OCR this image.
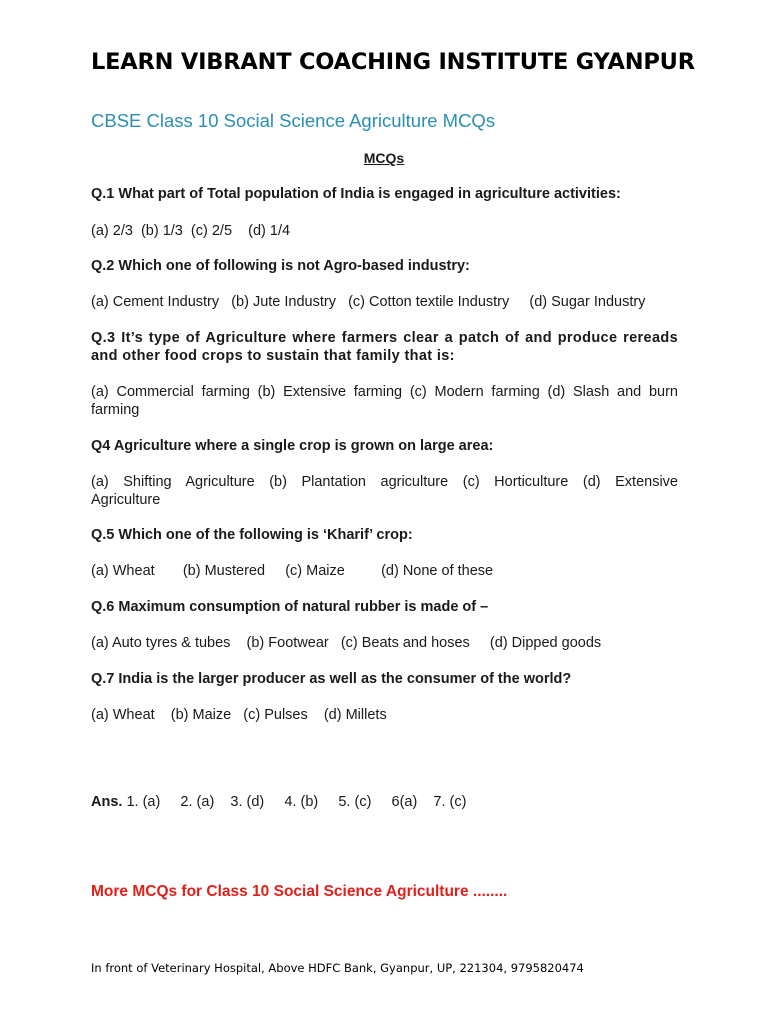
LEARN VIBRANT COACHING INSTITUTE GYANPUR
CBSE Class 10 Social Science Agriculture MCQs
MCQs
Q.1 What part of Total population of India is engaged in agriculture activities:
(a) 2/3  (b) 1/3  (c) 2/5    (d) 1/4
Q.2 Which one of following is not Agro-based industry:
(a) Cement Industry   (b) Jute Industry   (c) Cotton textile Industry     (d) Sugar Industry
Q.3 It’s type of Agriculture where farmers clear a patch of and produce rereads and other food crops to sustain that family that is:
(a) Commercial farming (b) Extensive farming (c) Modern farming (d) Slash and burn farming
Q4 Agriculture where a single crop is grown on large area:
(a) Shifting Agriculture (b) Plantation agriculture (c) Horticulture (d) Extensive Agriculture
Q.5 Which one of the following is ‘Kharif’ crop:
(a) Wheat       (b) Mustered     (c) Maize         (d) None of these
Q.6 Maximum consumption of natural rubber is made of –
(a) Auto tyres & tubes    (b) Footwear   (c) Beats and hoses     (d) Dipped goods
Q.7 India is the larger producer as well as the consumer of the world?
(a) Wheat    (b) Maize   (c) Pulses    (d) Millets
Ans. 1. (a)     2. (a)    3. (d)     4. (b)     5. (c)     6(a)    7. (c)
More MCQs for Class 10 Social Science Agriculture ........
In front of Veterinary Hospital, Above HDFC Bank, Gyanpur, UP, 221304, 9795820474
